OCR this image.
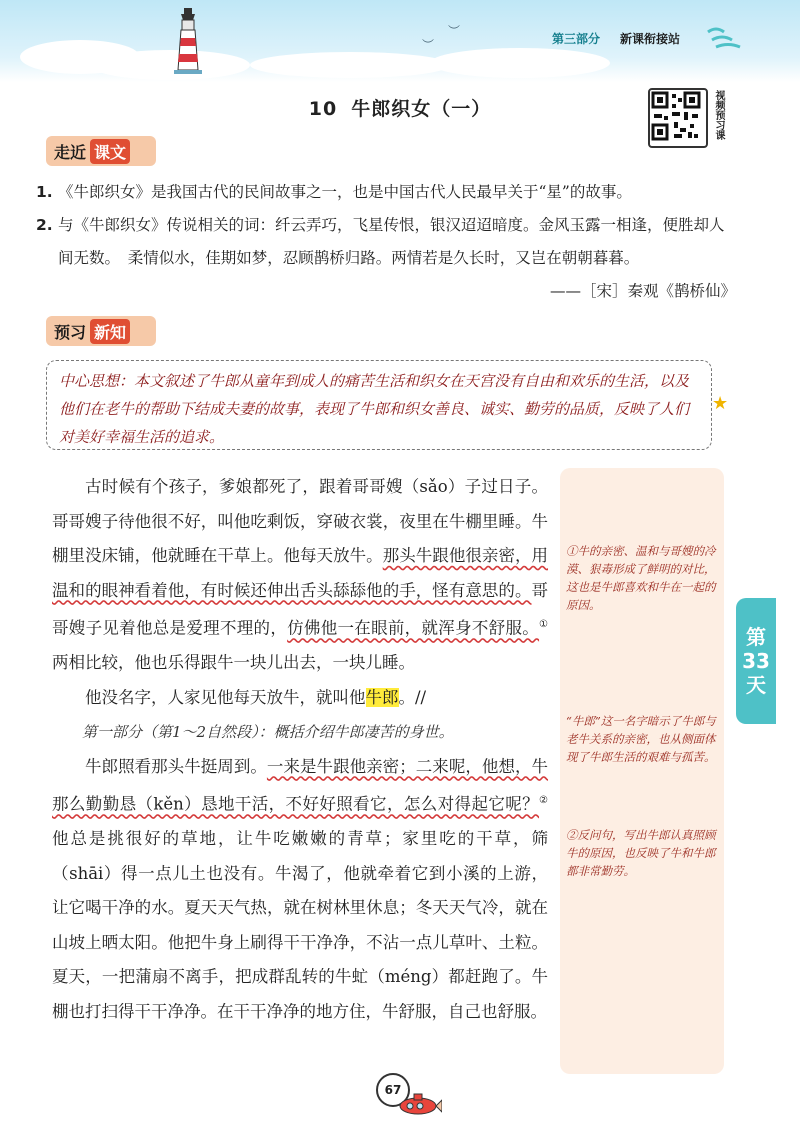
︶
︶
第三部分 新课衔接站
10 牛郎织女（一）	视频预习课
走近 课文
1. 《牛郎织女》是我国古代的民间故事之一，也是中国古代人民最早关于“星”的故事。
2. 与《牛郎织女》传说相关的词：纤云弄巧，飞星传恨，银汉迢迢暗度。金风玉露一相逢，便胜却人间无数。　柔情似水，佳期如梦，忍顾鹊桥归路。两情若是久长时，又岂在朝朝暮暮。
——［宋］秦观《鹊桥仙》
预习 新知
中心思想：本文叙述了牛郎从童年到成人的痛苦生活和织女在天宫没有自由和欢乐的生活，以及他们在老牛的帮助下结成夫妻的故事，表现了牛郎和织女善良、诚实、勤劳的品质，反映了人们对美好幸福生活的追求。
★
①牛的亲密、温和与哥嫂的冷漠、狠毒形成了鲜明的对比，这也是牛郎喜欢和牛在一起的原因。
“牛郎”这一名字暗示了牛郎与老牛关系的亲密，也从侧面体现了牛郎生活的艰难与孤苦。
②反问句，写出牛郎认真照顾牛的原因，也反映了牛和牛郎都非常勤劳。

古时候有个孩子，爹娘都死了，跟着哥哥嫂（sǎo）子过日子。哥哥嫂子待他很不好，叫他吃剩饭，穿破衣裳，夜里在牛棚里睡。牛棚里没床铺，他就睡在干草上。他每天放牛。那头牛跟他很亲密，用温和的眼神看着他，有时候还伸出舌头舔舔他的手，怪有意思的。哥哥嫂子见着他总是爱理不理的，仿佛他一在眼前，就浑身不舒服。①两相比较，他也乐得跟牛一块儿出去，一块儿睡。

他没名字，人家见他每天放牛，就叫他牛郎。//

第一部分（第1～2自然段）：概括介绍牛郎凄苦的身世。

牛郎照看那头牛挺周到。一来是牛跟他亲密；二来呢，他想，牛那么勤勤恳（kěn）恳地干活，不好好照看它，怎么对得起它呢？②他总是挑很好的草地，让牛吃嫩嫩的青草；家里吃的干草，筛（shāi）得一点儿土也没有。牛渴了，他就牵着它到小溪的上游，让它喝干净的水。夏天天气热，就在树林里休息；冬天天气冷，就在山坡上晒太阳。他把牛身上刷得干干净净，不沾一点儿草叶、土粒。夏天，一把蒲扇不离手，把成群乱转的牛虻（méng）都赶跑了。牛棚也打扫得干干净净。在干干净净的地方住，牛舒服，自己也舒服。

第
33
天
67
